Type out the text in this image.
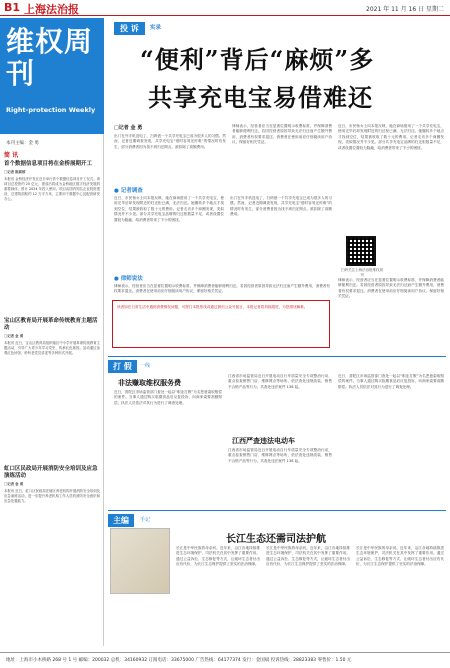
B1 上海法治报	2021 年 11 月 16 日 星期二
维权周刊
Right-protection Weekly
本刊主编：金 勇
简 讯
首个数据信息项目将在金桥展期开工
□记者 陈斌婷
本报讯 金桥经济开发区近日举行首个数据信息项目开工仪式。该项目总投资约 20 亿元，建成后将成为金桥地区数字经济发展的重要载体，预计 2024 年投入使用。项目由国内知名企业投资建设，总建筑面积约 12 万平方米，主要用于数据中心及配套研发办公。
宝山区教育局开展革命传统教育主题活动
□记者 金 勇
本报讯 近日，宝山区教育局组织辖区中小学开展革命传统教育主题活动，引导广大青少年学习党史、传承红色基因。活动通过参观红色场馆、聆听老党员讲述等多种形式开展。
虹口区民政局开展消防安全培训及应急演练活动
□记者 金 勇
本报讯 近日，虹口区民政局在辖区养老机构开展消防安全培训及应急演练活动，进一步提升养老机构工作人员的消防安全意识和应急处置能力。
投 诉	实录
“便利”背后“麻烦”多
共享充电宝易借难还
□记者 金 勇
出门在外手机没电了，扫码借一个共享充电宝已成为很多人的习惯。然而，记者近期调查发现，共享充电宝“借时容易还时难”的情况时有发生，部分消费者因为找不到归还网点，被扣除了高额费用。
律师表示，经营者应当在显著位置明示收费标准，并保障消费者能够便利归还。若因经营者原因导致无法归还而产生额外费用，消费者有权要求退还。消费者在使用前应仔细阅读用户协议，保留好相关凭证。
近日，市民杨女士向本报反映，她在商场借用了一个共享充电宝，使用完毕后却发现附近的归还柜已满，无法归还。她辗转多个地点才找到空位，结果被收取了数十元的费用。记者走访多个商圈发现，类似情况并不少见。部分共享充电宝品牌的归还柜数量不足，或者设置位置较为隐蔽，给消费者带来了不小的困扰。
● 记者调查
近日，市民杨女士向本报反映，她在商场借用了一个共享充电宝，使用完毕后却发现附近的归还柜已满，无法归还。她辗转多个地点才找到空位，结果被收取了数十元的费用。记者走访多个商圈发现，类似情况并不少见。部分共享充电宝品牌的归还柜数量不足，或者设置位置较为隐蔽，给消费者带来了不小的困扰。
出门在外手机没电了，扫码借一个共享充电宝已成为很多人的习惯。然而，记者近期调查发现，共享充电宝“借时容易还时难”的情况时有发生，部分消费者因为找不到归还网点，被扣除了高额费用。
● 律师说法
律师表示，经营者应当在显著位置明示收费标准，并保障消费者能够便利归还。若因经营者原因导致无法归还而产生额外费用，消费者有权要求退还。消费者在使用前应仔细阅读用户协议，保留好相关凭证。
扫码关注上海法治报维权周刊
律师表示，经营者应当在显著位置明示收费标准，并保障消费者能够便利归还。若因经营者原因导致无法归还而产生额外费用，消费者有权要求退还。消费者在使用前应仔细阅读用户协议，保留好相关凭证。
读者如在日常生活中遇到消费维权问题，可拨打本报热线或通过微信公众号留言，本报记者将持续跟进，为您排忧解难。
打 假	一线
非法赚取维权服务费
近日，普陀区市场监管部门查处一起以“职业打假”为名恶意索取赔偿的案件。当事人通过购买临期食品后反复投诉，向商家索要高额赔偿。执法人员依法对其行为进行了调查处理。
江西省市场监管局近日开展电动自行车质量安全专项整治行动，重点检查销售门店、维修网点等场所，依法查处违规改装、销售不合格产品等行为，共查处违法案件 138 起。
江西严查违法电动车
江西省市场监管局近日开展电动自行车质量安全专项整治行动，重点检查销售门店、维修网点等场所，依法查处违规改装、销售不合格产品等行为，共查处违法案件 138 起。
近日，普陀区市场监管部门查处一起以“职业打假”为名恶意索取赔偿的案件。当事人通过购买临期食品后反复投诉，向商家索要高额赔偿。执法人员依法对其行为进行了调查处理。
主编	手记
长江生态还需司法护航
长江是中华民族的母亲河。近年来，沿江各地持续推进生态环境保护，司法机关在其中发挥了重要作用。通过公益诉讼、生态修复等方式，让破坏生态者付出应有代价，为长江生态保护提供了坚实的法治保障。
长江是中华民族的母亲河。近年来，沿江各地持续推进生态环境保护，司法机关在其中发挥了重要作用。通过公益诉讼、生态修复等方式，让破坏生态者付出应有代价，为长江生态保护提供了坚实的法治保障。
长江是中华民族的母亲河。近年来，沿江各地持续推进生态环境保护，司法机关在其中发挥了重要作用。通过公益诉讼、生态修复等方式，让破坏生态者付出应有代价，为长江生态保护提供了坚实的法治保障。
地址：上海市小木桥路 268 号 1 号 邮编：200032 总机：34160932 订阅电话：33675000 广告热线：64177374 发行：金国斌 投诉热线：28823383 零售价：1.50 元
